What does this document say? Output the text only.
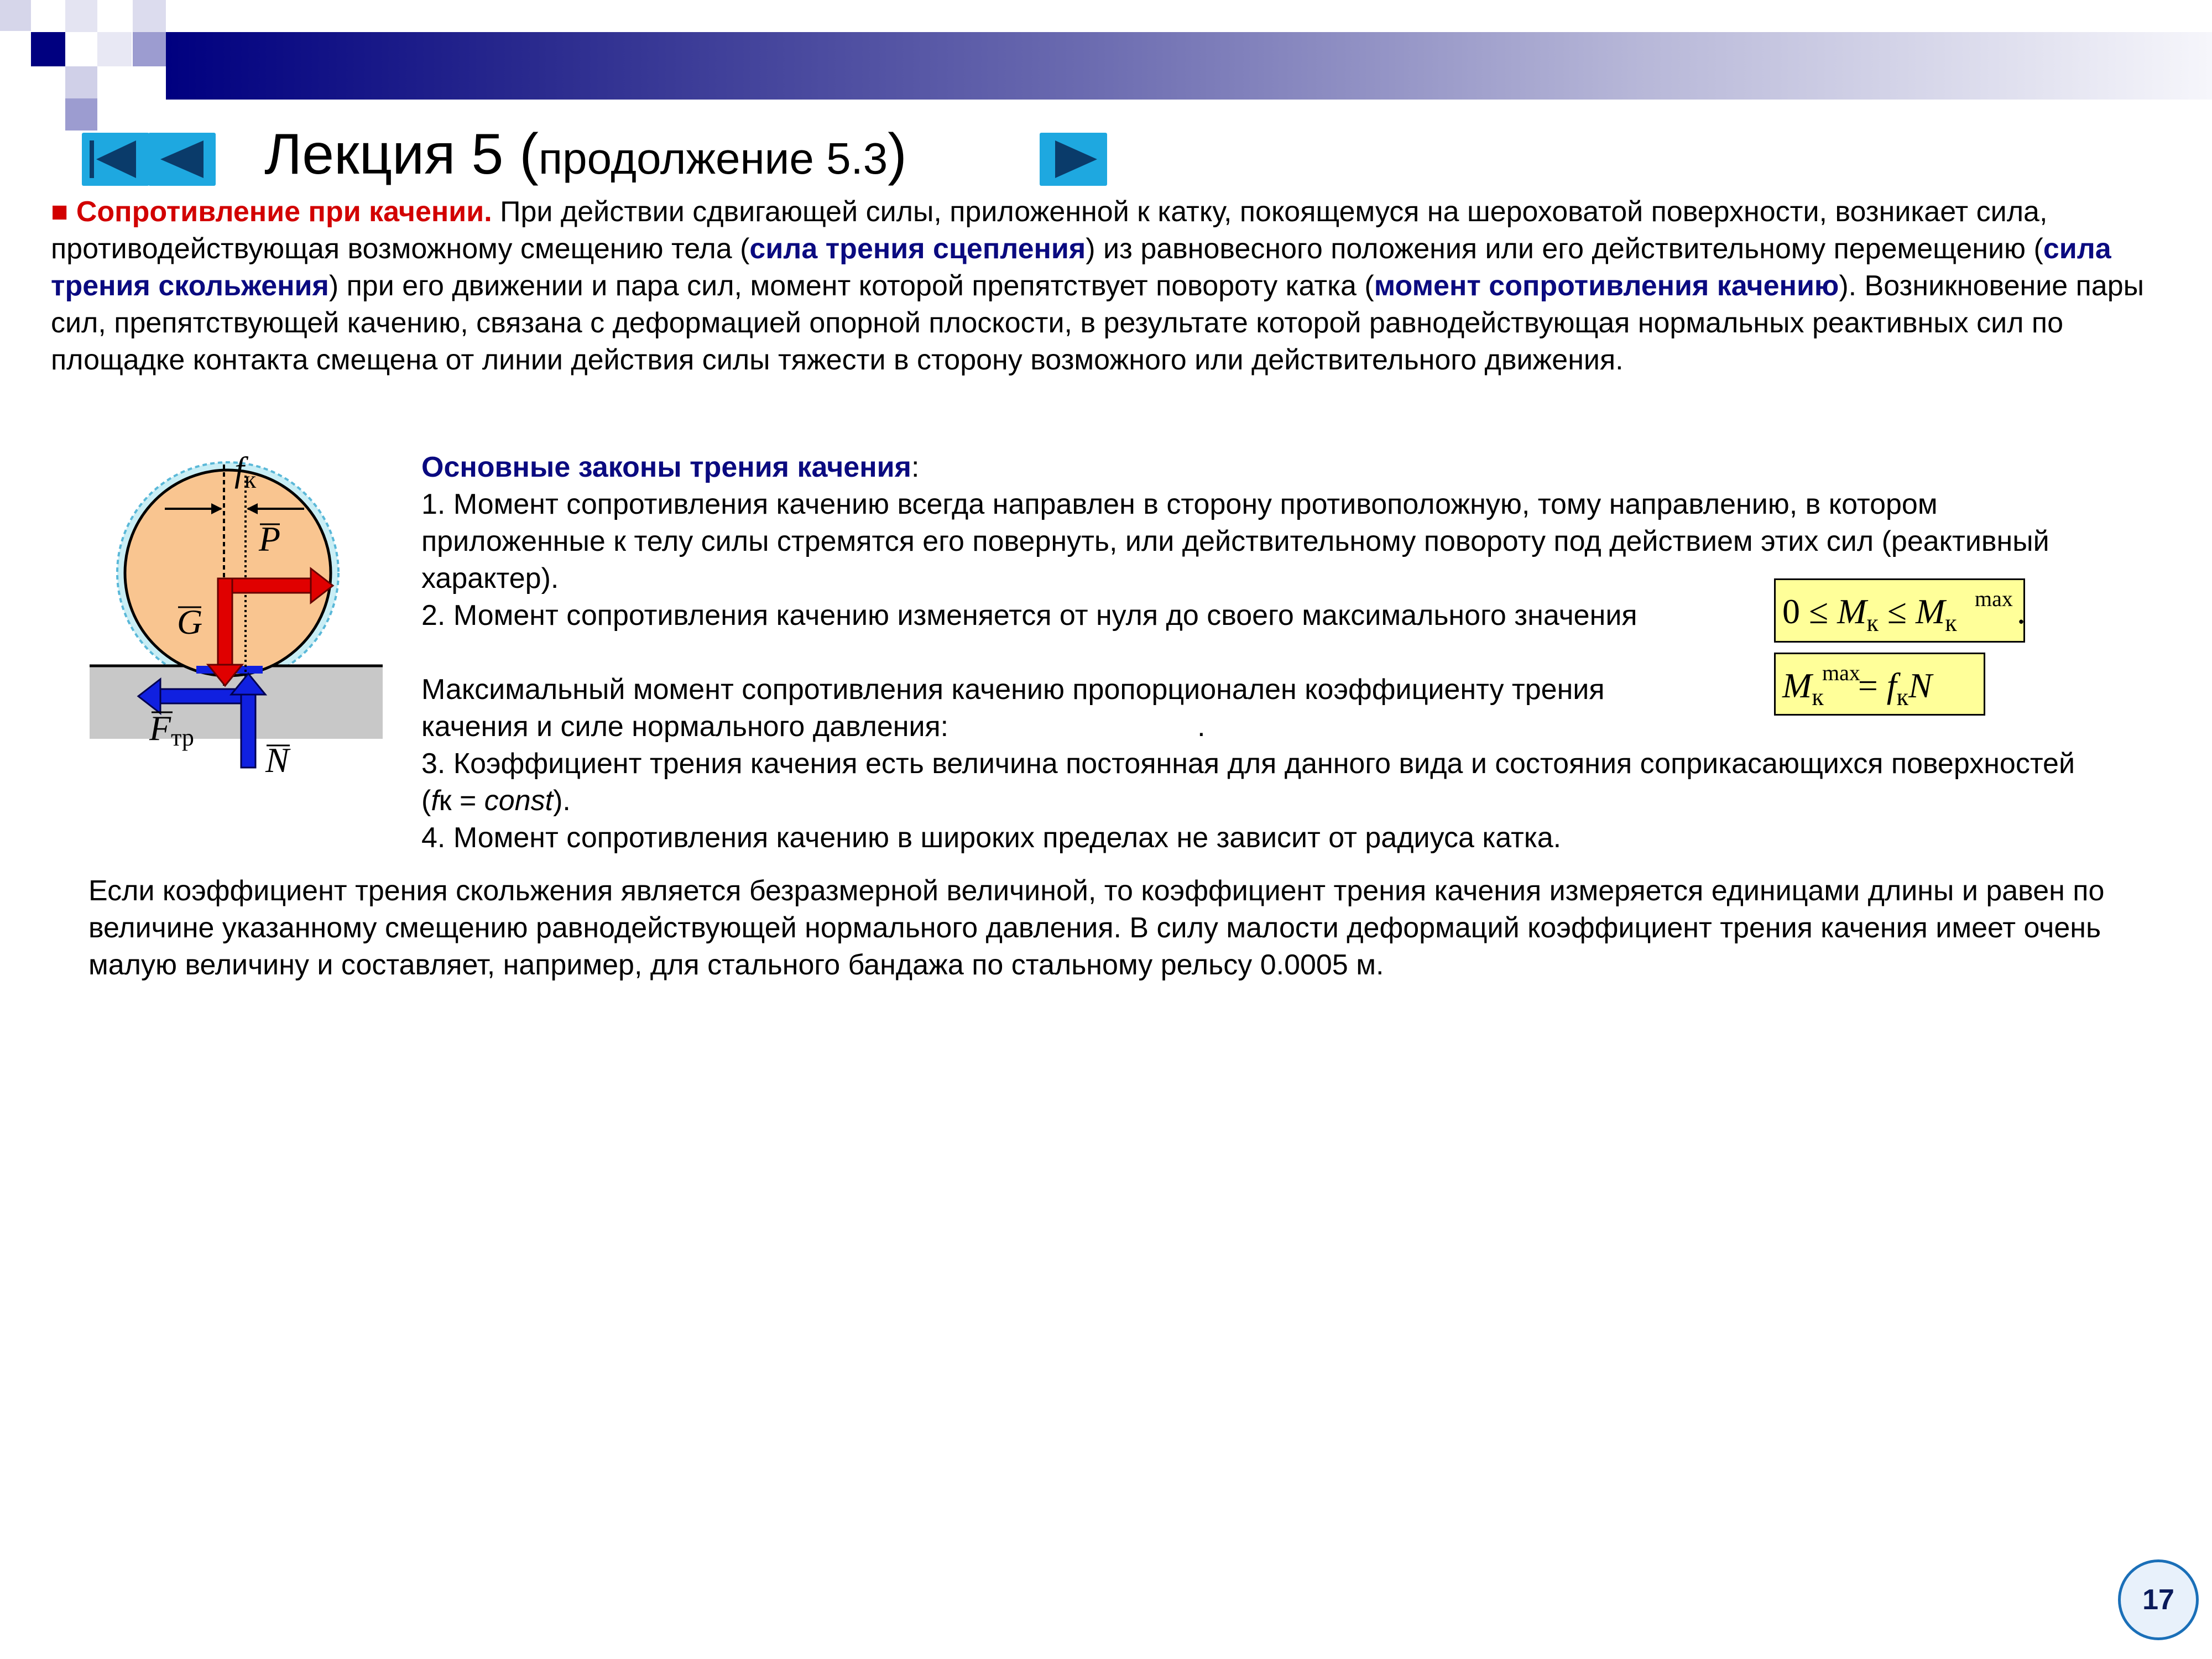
Лекция 5 (продолжение 5.3)
■ Сопротивление при качении. При действии сдвигающей силы, приложенной к катку, покоящемуся на шероховатой поверхности, возникает сила, противодействующая возможному смещению тела (сила трения сцепления) из равновесного положения или его действительному перемещению (сила трения скольжения) при его движении и пара сил, момент которой препятствует повороту катка (момент сопротивления качению). Возникновение пары сил, препятствующей качению, связана с деформацией опорной плоскости, в результате которой равнодействующая нормальных реактивных сил по площадке контакта смещена от линии действия силы тяжести в сторону возможного или действительного движения.
fк
P
G
Fтр
N
Основные законы трения качения:
1. Момент сопротивления качению всегда направлен в сторону противоположную, тому направлению, в котором приложенные к телу силы стремятся его повернуть, или действительному повороту под действием этих сил (реактивный характер).
2. Момент сопротивления качению изменяется от нуля до своего максимального значения
Максимальный момент сопротивления качению пропорционален коэффициенту трения
качения и силе нормального давления:	.
3. Коэффициент трения качения есть величина постоянная для данного вида и состояния соприкасающихся поверхностей (fк = const).
4. Момент сопротивления качению в широких пределах не зависит от радиуса катка.
$0 \le M_к \le M_к$
max .
$M_к = f_кN$
max
Если коэффициент трения скольжения является безразмерной величиной, то коэффициент трения качения измеряется единицами длины и равен по величине указанному смещению равнодействующей нормального давления. В силу малости деформаций коэффициент трения качения имеет очень малую величину и составляет, например, для стального бандажа по стальному рельсу 0.0005 м.
17
